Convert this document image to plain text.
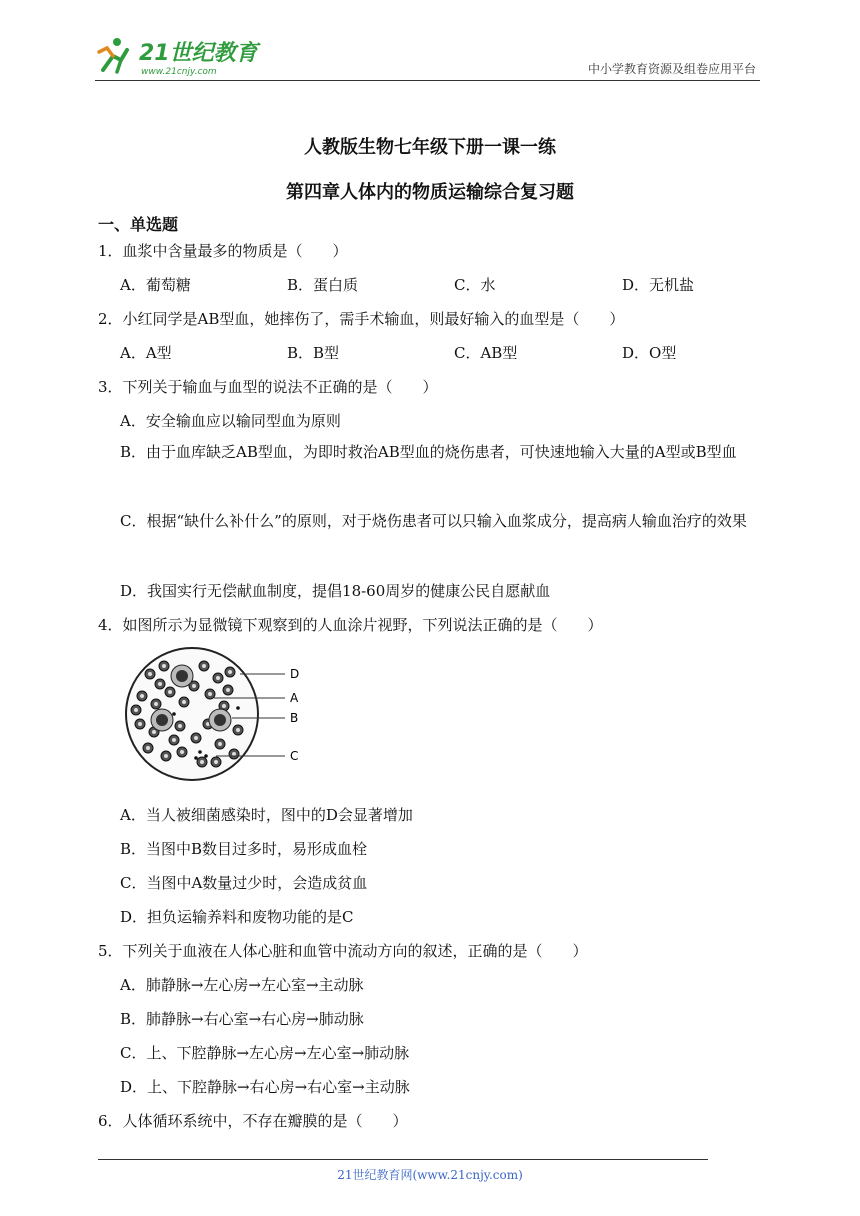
21世纪教育
www.21cnjy.com	中小学教育资源及组卷应用平台
人教版生物七年级下册一课一练
第四章人体内的物质运输综合复习题
一、单选题
1．血浆中含量最多的物质是（　　）
A．葡萄糖	B．蛋白质	C．水	D．无机盐
2．小红同学是AB型血，她摔伤了，需手术输血，则最好输入的血型是（　　）
A．A型	B．B型	C．AB型	D．O型
3．下列关于输血与血型的说法不正确的是（　　）
A．安全输血应以输同型血为原则
B．由于血库缺乏AB型血，为即时救治AB型血的烧伤患者，可快速地输入大量的A型或B型血
C．根据“缺什么补什么”的原则，对于烧伤患者可以只输入血浆成分，提高病人输血治疗的效果
D．我国实行无偿献血制度，提倡18-60周岁的健康公民自愿献血
4．如图所示为显微镜下观察到的人血涂片视野，下列说法正确的是（　　）
D
A
B
C
A．当人被细菌感染时，图中的D会显著增加
B．当图中B数目过多时，易形成血栓
C．当图中A数量过少时，会造成贫血
D．担负运输养料和废物功能的是C
5．下列关于血液在人体心脏和血管中流动方向的叙述，正确的是（　　）
A．肺静脉→左心房→左心室→主动脉
B．肺静脉→右心室→右心房→肺动脉
C．上、下腔静脉→左心房→左心室→肺动脉
D．上、下腔静脉→右心房→右心室→主动脉
6．人体循环系统中，不存在瓣膜的是（　　）
21世纪教育网(www.21cnjy.com)
